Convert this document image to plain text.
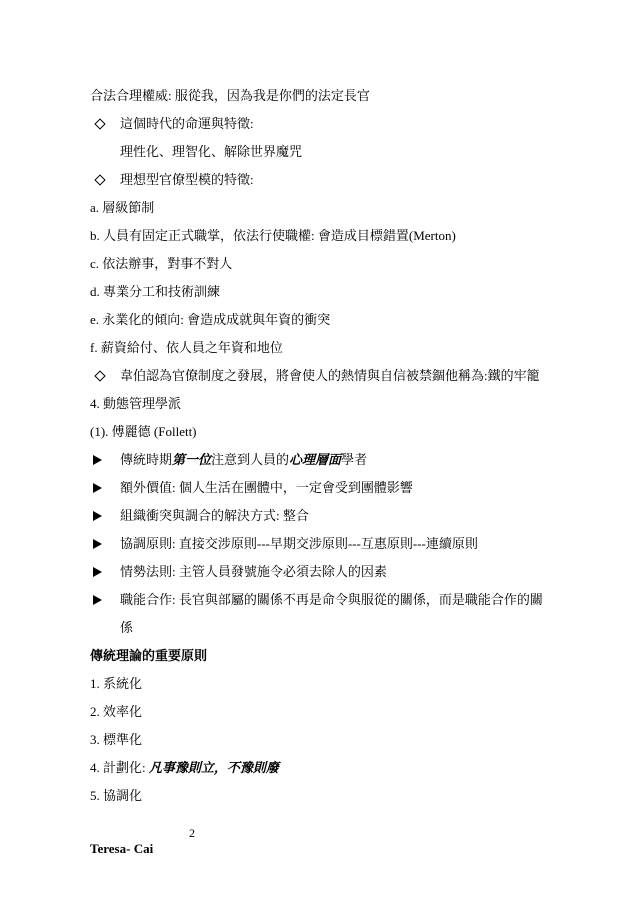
合法合理權威: 服從我，因為我是你們的法定長官
這個時代的命運與特徵:
理性化、理智化、解除世界魔咒
理想型官僚型模的特徵:
a. 層級節制
b. 人員有固定正式職掌，依法行使職權: 會造成目標錯置(Merton)
c. 依法辦事，對事不對人
d. 專業分工和技術訓練
e. 永業化的傾向: 會造成成就與年資的衝突
f. 薪資給付、依人員之年資和地位
韋伯認為官僚制度之發展，將會使人的熱情與自信被禁錮他稱為:鐵的牢籠
4. 動態管理學派
(1). 傅麗德 (Follett)
傳統時期第一位注意到人員的心理層面學者
額外價值: 個人生活在團體中，一定會受到團體影響
組織衝突與調合的解決方式: 整合
協調原則: 直接交涉原則---早期交涉原則---互惠原則---連續原則
情勢法則: 主管人員發號施令必須去除人的因素
職能合作: 長官與部屬的關係不再是命令與服從的關係，而是職能合作的關
係
傳統理論的重要原則
1. 系統化
2. 效率化
3. 標準化
4. 計劃化: 凡事豫則立，不豫則廢
5. 協調化
2
Teresa- Cai
